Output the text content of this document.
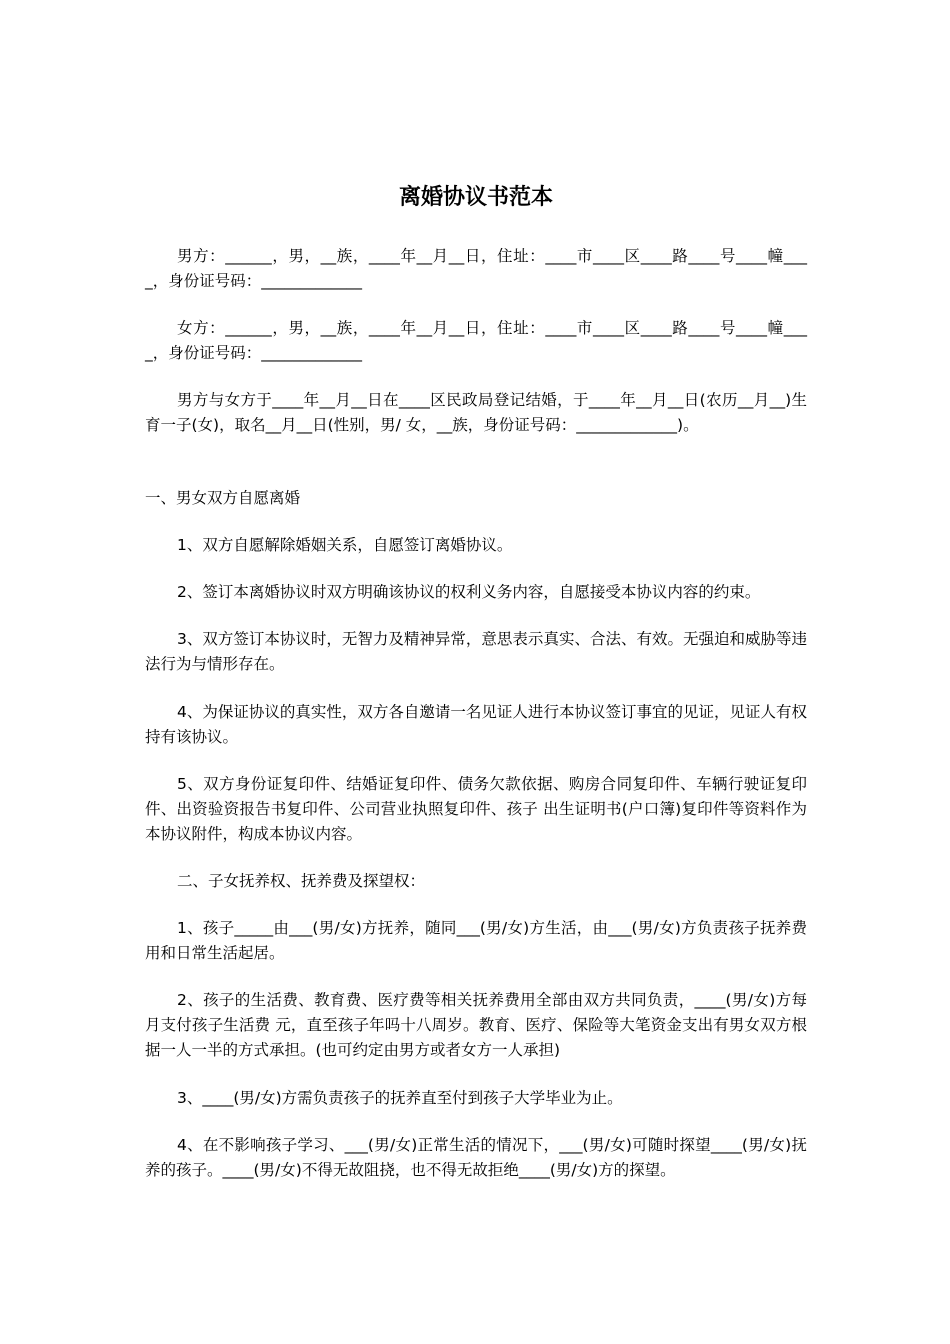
离婚协议书范本

男方：______，男，__族，____年__月__日，住址：____市____区____路____号____幢____，身份证号码：_____________

女方：______，男，__族，____年__月__日，住址：____市____区____路____号____幢____，身份证号码：_____________

男方与女方于____年__月__日在____区民政局登记结婚，于____年__月__日(农历__月__)生育一子(女)，取名__月__日(性别，男/ 女，__族，身份证号码：_____________)。

一、男女双方自愿离婚

1、双方自愿解除婚姻关系，自愿签订离婚协议。

2、签订本离婚协议时双方明确该协议的权利义务内容，自愿接受本协议内容的约束。

3、双方签订本协议时，无智力及精神异常，意思表示真实、合法、有效。无强迫和威胁等违法行为与情形存在。

4、为保证协议的真实性，双方各自邀请一名见证人进行本协议签订事宜的见证，见证人有权持有该协议。

5、双方身份证复印件、结婚证复印件、债务欠款依据、购房合同复印件、车辆行驶证复印件、出资验资报告书复印件、公司营业执照复印件、孩子 出生证明书(户口簿)复印件等资料作为本协议附件，构成本协议内容。

二、子女抚养权、抚养费及探望权：

1、孩子_____由___(男/女)方抚养，随同___(男/女)方生活，由___(男/女)方负责孩子抚养费用和日常生活起居。

2、孩子的生活费、教育费、医疗费等相关抚养费用全部由双方共同负责，____(男/女)方每月支付孩子生活费 元，直至孩子年吗十八周岁。教育、医疗、保险等大笔资金支出有男女双方根据一人一半的方式承担。(也可约定由男方或者女方一人承担)

3、____(男/女)方需负责孩子的抚养直至付到孩子大学毕业为止。

4、在不影响孩子学习、___(男/女)正常生活的情况下，___(男/女)可随时探望____(男/女)抚养的孩子。____(男/女)不得无故阻挠，也不得无故拒绝____(男/女)方的探望。
